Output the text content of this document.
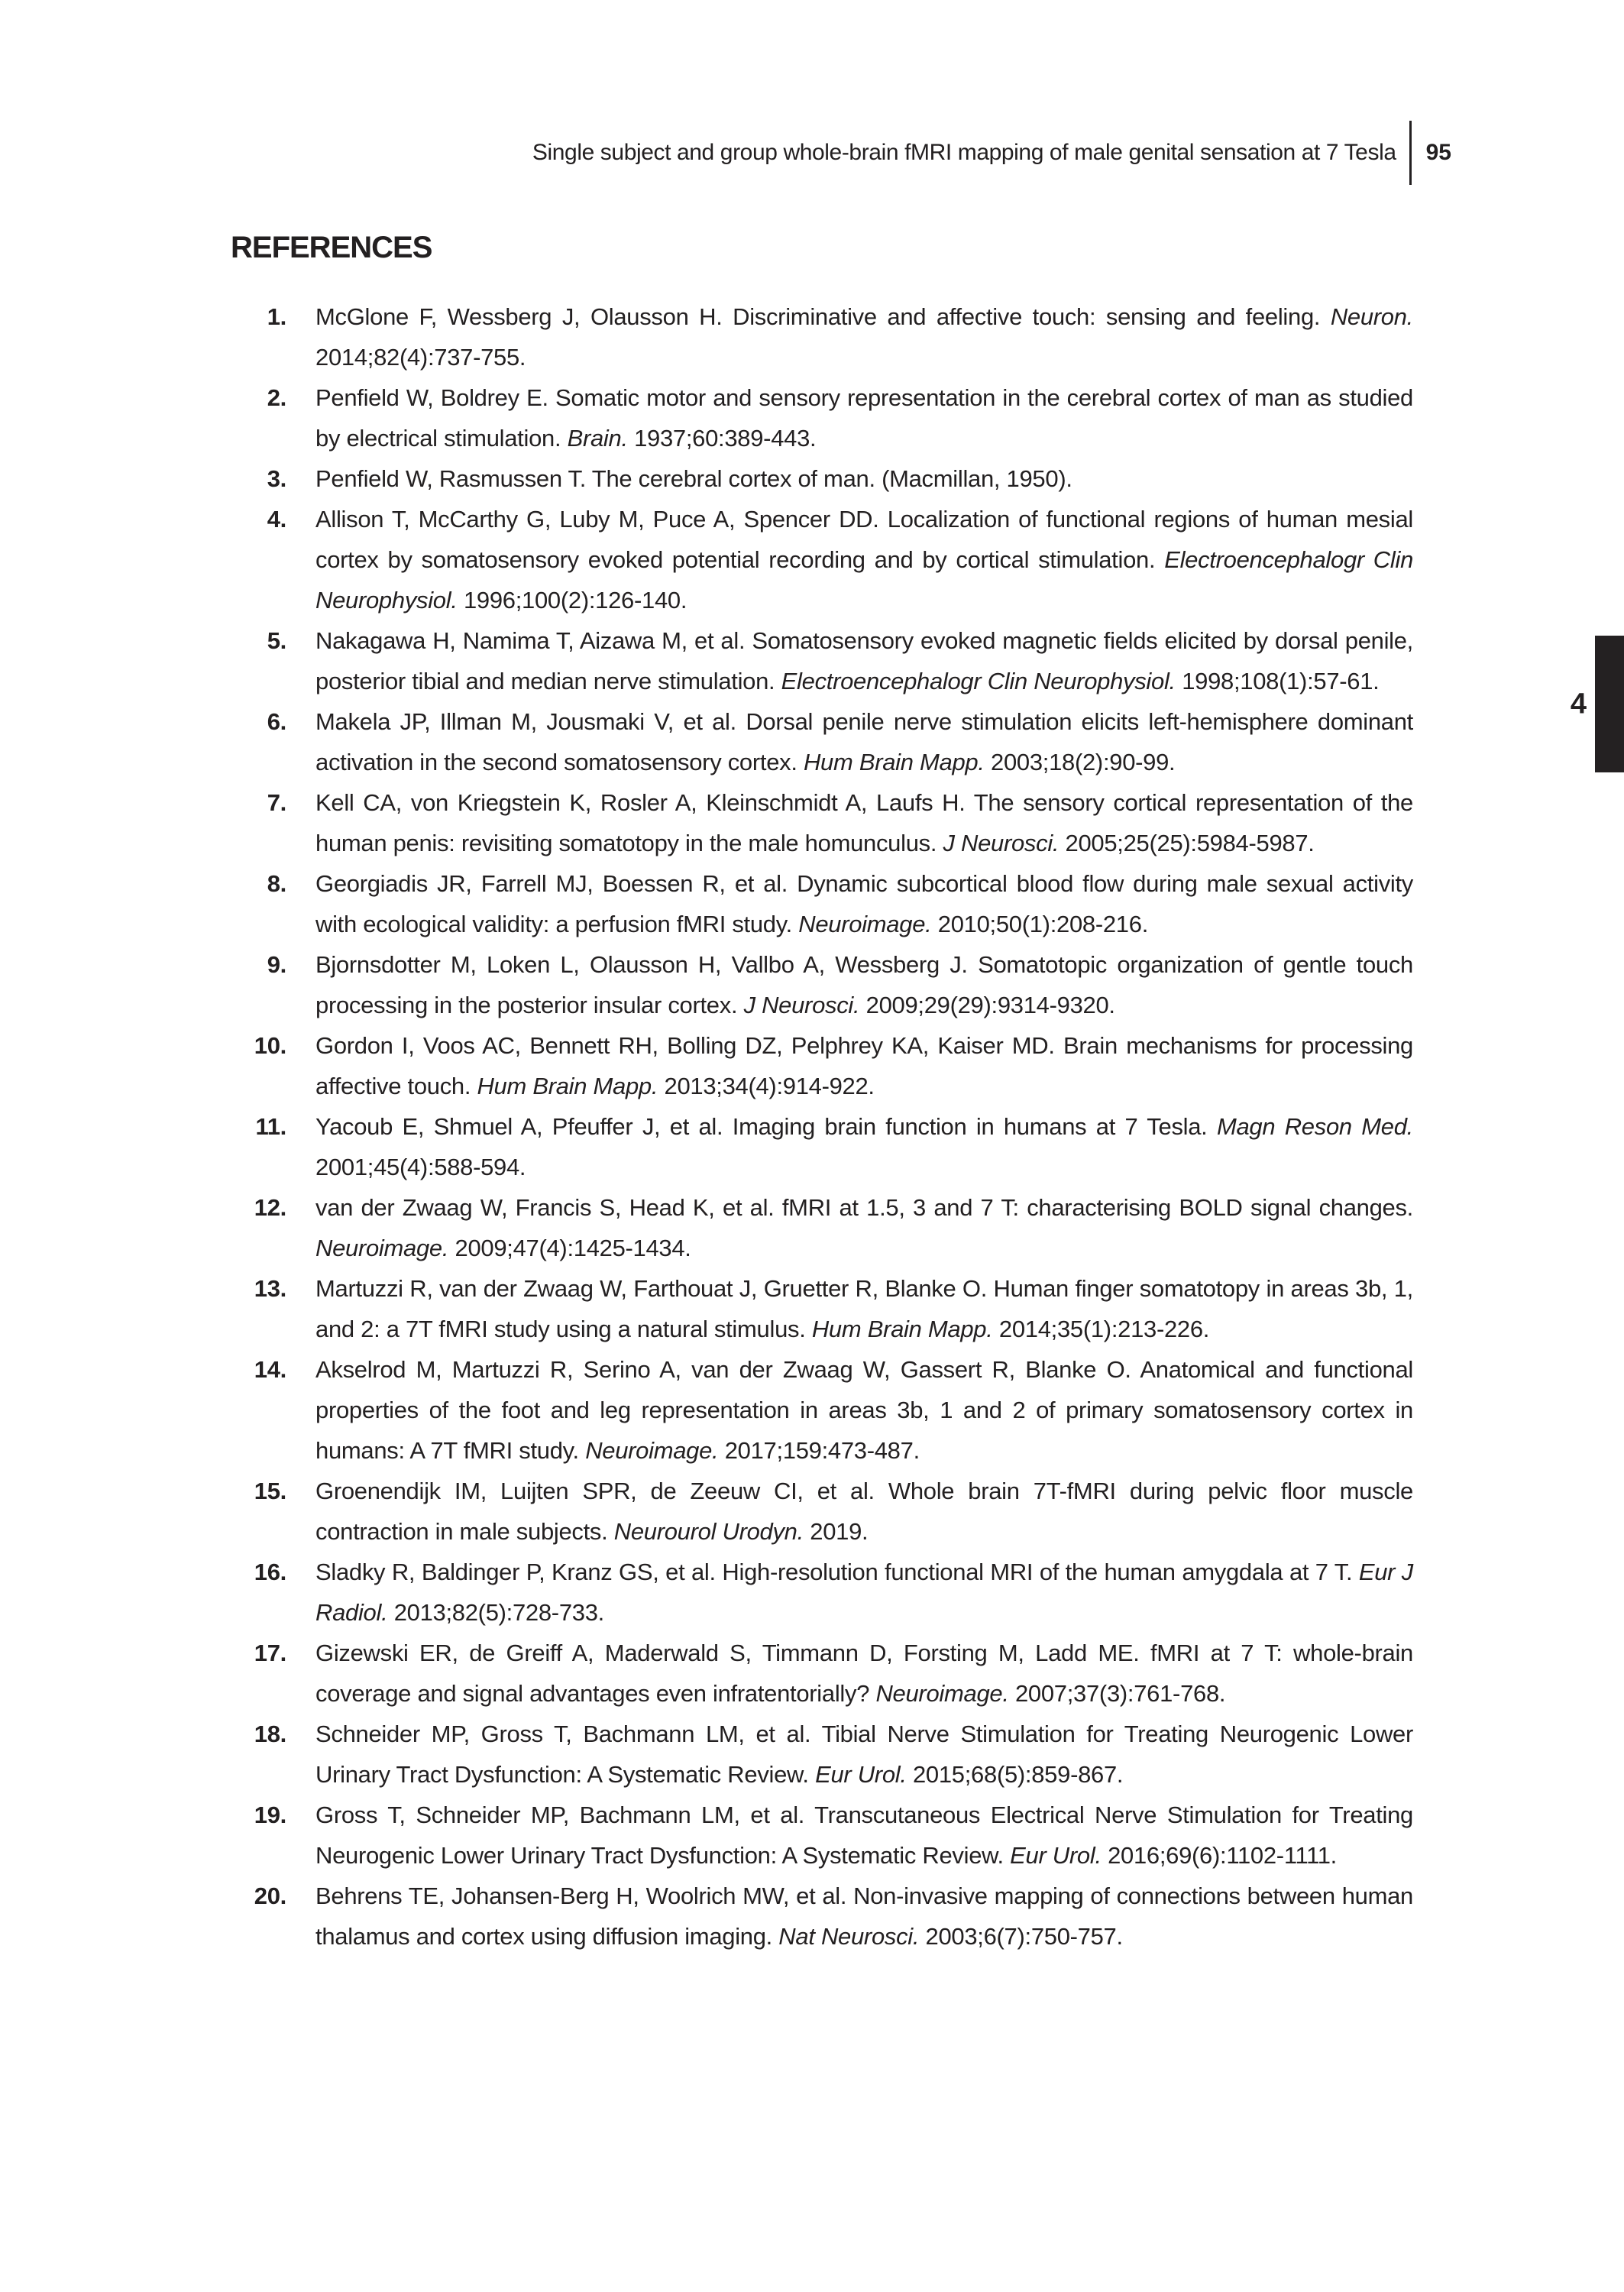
Single subject and group whole-brain fMRI mapping of male genital sensation at 7 Tesla 95
REFERENCES
1. McGlone F, Wessberg J, Olausson H. Discriminative and affective touch: sensing and feeling. Neuron. 2014;82(4):737-755.

2. Penfield W, Boldrey E. Somatic motor and sensory representation in the cerebral cortex of man as studied by electrical stimulation. Brain. 1937;60:389-443.

3. Penfield W, Rasmussen T. The cerebral cortex of man. (Macmillan, 1950).

4. Allison T, McCarthy G, Luby M, Puce A, Spencer DD. Localization of functional regions of human mesial cortex by somatosensory evoked potential recording and by cortical stimulation. Electroencephalogr Clin Neurophysiol. 1996;100(2):126-140.

5. Nakagawa H, Namima T, Aizawa M, et al. Somatosensory evoked magnetic fields elicited by dorsal penile, posterior tibial and median nerve stimulation. Electroencephalogr Clin Neurophysiol. 1998;108(1):57-61.

6. Makela JP, Illman M, Jousmaki V, et al. Dorsal penile nerve stimulation elicits left-hemisphere dominant activation in the second somatosensory cortex. Hum Brain Mapp. 2003;18(2):90-99.

7. Kell CA, von Kriegstein K, Rosler A, Kleinschmidt A, Laufs H. The sensory cortical representation of the human penis: revisiting somatotopy in the male homunculus. J Neurosci. 2005;25(25):5984-5987.

8. Georgiadis JR, Farrell MJ, Boessen R, et al. Dynamic subcortical blood flow during male sexual activity with ecological validity: a perfusion fMRI study. Neuroimage. 2010;50(1):208-216.

9. Bjornsdotter M, Loken L, Olausson H, Vallbo A, Wessberg J. Somatotopic organization of gentle touch processing in the posterior insular cortex. J Neurosci. 2009;29(29):9314-9320.

10. Gordon I, Voos AC, Bennett RH, Bolling DZ, Pelphrey KA, Kaiser MD. Brain mechanisms for processing affective touch. Hum Brain Mapp. 2013;34(4):914-922.

11. Yacoub E, Shmuel A, Pfeuffer J, et al. Imaging brain function in humans at 7 Tesla. Magn Reson Med. 2001;45(4):588-594.

12. van der Zwaag W, Francis S, Head K, et al. fMRI at 1.5, 3 and 7 T: characterising BOLD signal changes. Neuroimage. 2009;47(4):1425-1434.

13. Martuzzi R, van der Zwaag W, Farthouat J, Gruetter R, Blanke O. Human finger somatotopy in areas 3b, 1, and 2: a 7T fMRI study using a natural stimulus. Hum Brain Mapp. 2014;35(1):213-226.

14. Akselrod M, Martuzzi R, Serino A, van der Zwaag W, Gassert R, Blanke O. Anatomical and functional properties of the foot and leg representation in areas 3b, 1 and 2 of primary somatosensory cortex in humans: A 7T fMRI study. Neuroimage. 2017;159:473-487.

15. Groenendijk IM, Luijten SPR, de Zeeuw CI, et al. Whole brain 7T-fMRI during pelvic floor muscle contraction in male subjects. Neurourol Urodyn. 2019.

16. Sladky R, Baldinger P, Kranz GS, et al. High-resolution functional MRI of the human amygdala at 7 T. Eur J Radiol. 2013;82(5):728-733.

17. Gizewski ER, de Greiff A, Maderwald S, Timmann D, Forsting M, Ladd ME. fMRI at 7 T: whole-brain coverage and signal advantages even infratentorially? Neuroimage. 2007;37(3):761-768.

18. Schneider MP, Gross T, Bachmann LM, et al. Tibial Nerve Stimulation for Treating Neurogenic Lower Urinary Tract Dysfunction: A Systematic Review. Eur Urol. 2015;68(5):859-867.

19. Gross T, Schneider MP, Bachmann LM, et al. Transcutaneous Electrical Nerve Stimulation for Treating Neurogenic Lower Urinary Tract Dysfunction: A Systematic Review. Eur Urol. 2016;69(6):1102-1111.

20. Behrens TE, Johansen-Berg H, Woolrich MW, et al. Non-invasive mapping of connections between human thalamus and cortex using diffusion imaging. Nat Neurosci. 2003;6(7):750-757.

4
